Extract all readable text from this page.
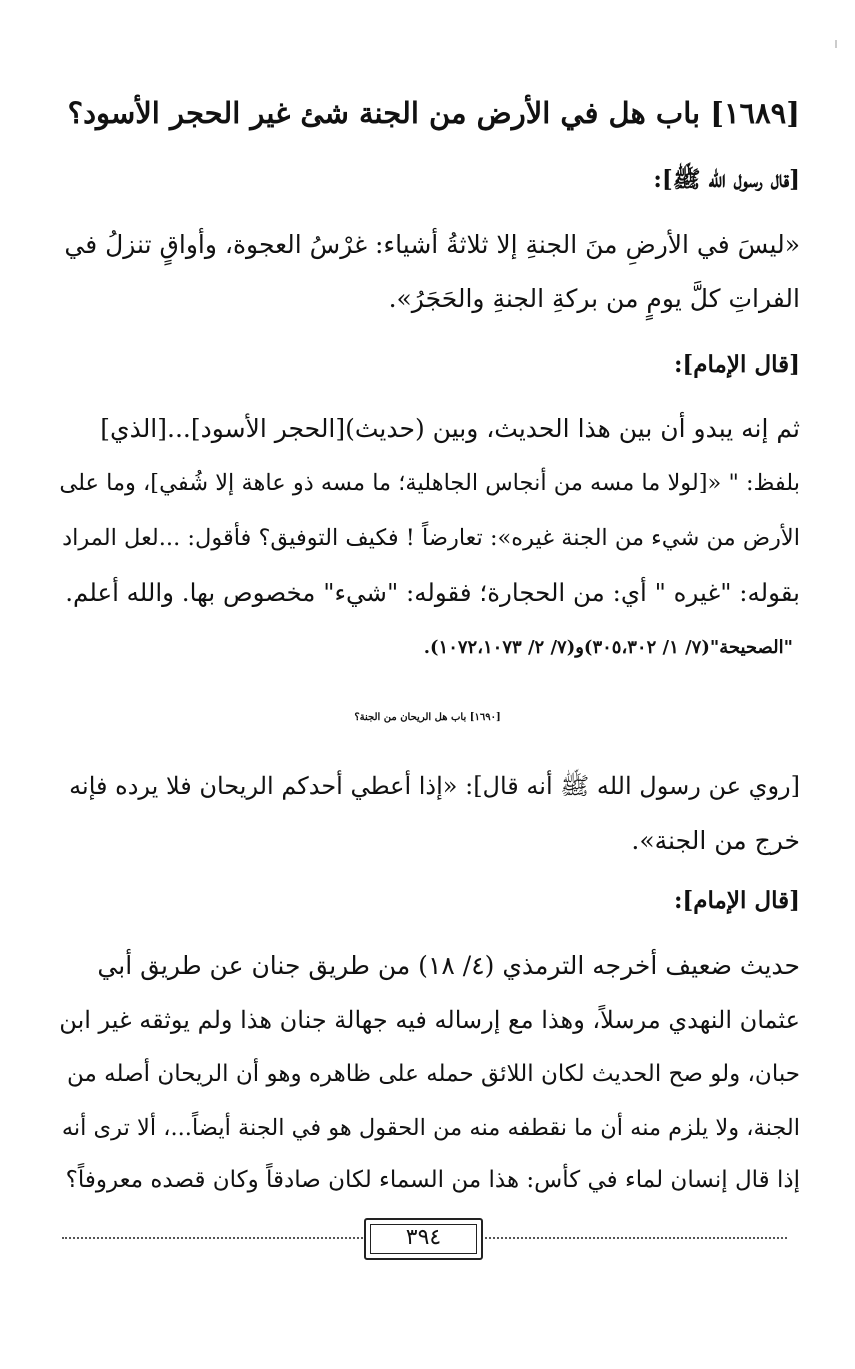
[١٦٨٩] باب هل في الأرض من الجنة شئ غير الحجر الأسود؟
[قال رسول الله ﷺ]:
«ليسَ في الأرضِ منَ الجنةِ إلا ثلاثةُ أشياء: غرْسُ العجوة، وأواقٍ تنزلُ في
الفراتِ كلَّ يومٍ من بركةِ الجنةِ والحَجَرُ».
[قال الإمام]:
ثم إنه يبدو أن بين هذا الحديث، وبين (حديث)[الحجر الأسود]...[الذي]
بلفظ: " «[لولا ما مسه من أنجاس الجاهلية؛ ما مسه ذو عاهة إلا شُفي]، وما على
الأرض من شيء من الجنة غيره»: تعارضاً ! فكيف التوفيق؟ فأقول: ...لعل المراد
بقوله: "غيره " أي: من الحجارة؛ فقوله: "شيء" مخصوص بها. والله أعلم.
"الصحيحة"(٧/ ١/ ٣٠٥،٣٠٢)و(٧/ ٢/ ١٠٧٢،١٠٧٣).
[١٦٩٠] باب هل الريحان من الجنة؟
[روي عن رسول الله ﷺ أنه قال]: «إذا أعطي أحدكم الريحان فلا يرده فإنه
خرج من الجنة».
[قال الإمام]:
حديث ضعيف أخرجه الترمذي (٤/ ١٨) من طريق جنان عن طريق أبي
عثمان النهدي مرسلاً، وهذا مع إرساله فيه جهالة جنان هذا ولم يوثقه غير ابن
حبان، ولو صح الحديث لكان اللائق حمله على ظاهره وهو أن الريحان أصله من
الجنة، ولا يلزم منه أن ما نقطفه منه من الحقول هو في الجنة أيضاً...، ألا ترى أنه
إذا قال إنسان لماء في كأس: هذا من السماء لكان صادقاً وكان قصده معروفاً؟
٣٩٤
